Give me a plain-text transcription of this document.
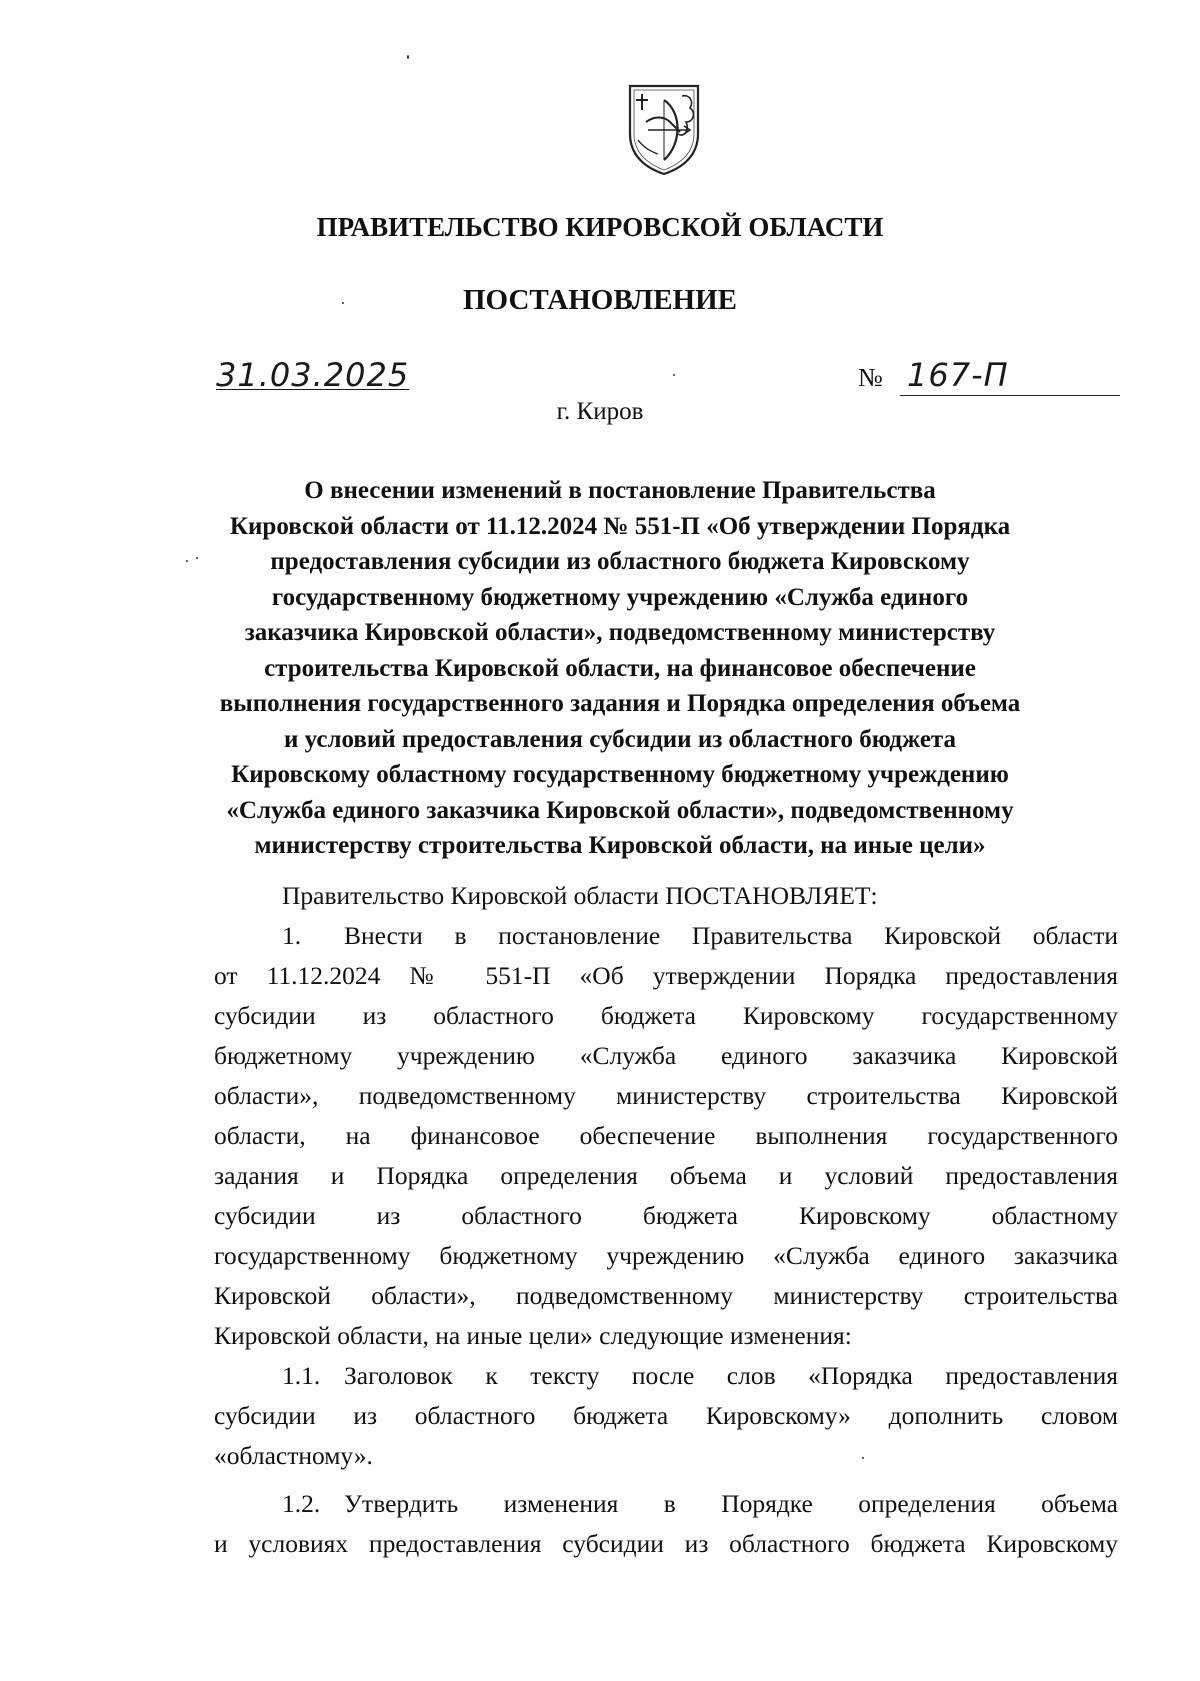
ПРАВИТЕЛЬСТВО КИРОВСКОЙ ОБЛАСТИ
ПОСТАНОВЛЕНИЕ
31.03.2025	№ 167-П
г. Киров
О внесении изменений в постановление Правительства
Кировской области от 11.12.2024 № 551-П «Об утверждении Порядка
предоставления субсидии из областного бюджета Кировскому
государственному бюджетному учреждению «Служба единого
заказчика Кировской области», подведомственному министерству
строительства Кировской области, на финансовое обеспечение
выполнения государственного задания и Порядка определения объема
и условий предоставления субсидии из областного бюджета
Кировскому областному государственному бюджетному учреждению
«Служба единого заказчика Кировской области», подведомственному
министерству строительства Кировской области, на иные цели»
Правительство Кировской области ПОСТАНОВЛЯЕТ:
1.	Внести в постановление Правительства Кировской области
от 11.12.2024 № 551-П «Об утверждении Порядка предоставления
субсидии из областного бюджета Кировскому государственному
бюджетному учреждению «Служба единого заказчика Кировской
области», подведомственному министерству строительства Кировской
области, на финансовое обеспечение выполнения государственного
задания и Порядка определения объема и условий предоставления
субсидии из областного бюджета Кировскому областному
государственному бюджетному учреждению «Служба единого заказчика
Кировской области», подведомственному министерству строительства
Кировской области, на иные цели» следующие изменения:
1.1. Заголовок к тексту после слов «Порядка предоставления
субсидии из областного бюджета Кировскому» дополнить словом
«областному».
1.2. Утвердить изменения в Порядке определения объема
и условиях предоставления субсидии из областного бюджета Кировскому
